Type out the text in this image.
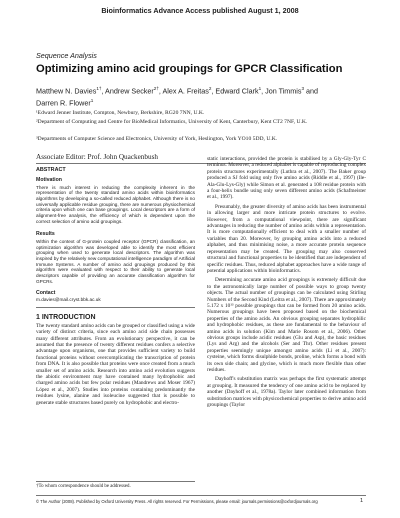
Bioinformatics Advance Access published August 1, 2008
Sequence Analysis
Optimizing amino acid groupings for GPCR Classification
Matthew N. Davies$^{1\dagger}$, Andrew Secker$^{2\dagger}$, Alex A. Freitas$^2$, Edward Clark$^1$, Jon Timmis$^3$ and
Darren R. Flower$^1$
¹Edward Jenner Institute, Compton, Newbury, Berkshire, RG20 7NN, U.K.
²Department of Computing and Centre for BioMedical Informatics, University of Kent, Canterbury, Kent CT2 7NF, U.K.
³Departments of Computer Science and Electronics, University of York, Heslington, York YO10 5DD, U.K.
Associate Editor: Prof. John Quackenbush
ABSTRACT
Motivation
There is much interest in reducing the complexity inherent in the representation of the twenty standard amino acids within bioinformatics algorithms by developing a so-called reduced alphabet. Although there is no universally applicable residue grouping, there are numerous physiochemical criteria upon which one can base groupings. Local descriptors are a form of alignment-free analysis, the efficiency of which is dependent upon the correct selection of amino acid groupings.
Results
Within the context of G-protein coupled receptor (GPCR) classification, an optimization algorithm was developed able to identify the most efficient grouping when used to generate local descriptors. The algorithm was inspired by the relatively new computational intelligence paradigm of Artificial Immune Systems. A number of amino acid groupings produced by this algorithm were evaluated with respect to their ability to generate local descriptors capable of providing an accurate classification algorithm for GPCRs.
Contact
m.davies@mail.cryst.bbk.ac.uk
1 INTRODUCTION

The twenty standard amino acids can be grouped or classified using a wide variety of distinct criteria, since each amino acid side chain possesses many different attributes. From an evolutionary perspective, it can be assumed that the presence of twenty different residues confers a selective advantage upon organisms, one that provides sufficient variety to build functional proteins without overcomplicating the transcription of protein from DNA. It is also possible that proteins were once created from a much smaller set of amino acids. Research into amino acid evolution suggests the abiotic environment may have contained many hydrophobic and charged amino acids but few polar residues (Mandrews and Moser 1967) López et al., 2007). Studies into proteins containing predominantly the residues lysine, alanine and isoleucine suggested that is possible to generate stable structures based purely on hydrophobic and electro-

static interactions, provided the protein is stabilised by a Gly-Gly-Tyr C terminus. Moreover, a reduced alphabet is capable of reproducing complex protein structures experimentally (Luthra et al., 2007). The Baker group produced a SJ fold using only five amino acids (Riddle et al., 1997) (Ile-Ala-Glu-Lys-Gly) while Simon et al. generated a 108 residue protein with a four-helix bundle using only seven different amino acids (Schafmeister et al., 1997).

Presumably, the greater diversity of amino acids has been instrumental in allowing larger and more intricate protein structures to evolve. However, from a computational viewpoint, there are significant advantages in reducing the number of amino acids within a representation. It is more computationally efficient to deal with a smaller number of variables than 20. Moreover, by grouping amino acids into a reduced alphabet, and thus minimising noise, a more accurate protein sequence representation may be created. The grouping may also conserved structural and functional properties to be identified that are independent of specific residues. Thus, reduced alphabet approaches have a wide range of potential applications within bioinformatics.

Determining accurate amino acid groupings is extremely difficult due to the astronomically large number of possible ways to group twenty objects. The actual number of groupings can be calculated using Stirling Numbers of the Second Kind (Leitra et al., 2007). There are approximately 5.172 x 10¹³ possible groupings that can be formed from 20 amino acids. Numerous groupings have been proposed based on the biochemical properties of the amino acids. An obvious grouping separates hydrophilic and hydrophobic residues, as these are fundamental to the behaviour of amino acids in solution (Kim and Marie Rosom et al., 2006). Other obvious groups include acidic residues (Glu and Asp), the basic residues (Lys and Arg) and the alcohols (Ser and Thr). Other residues present properties seemingly unique amongst amino acids (Li et al., 2007): cysteine, which forms disulphide bonds, proline, which forms a bond with its own side chain; and glycine, which is much more flexible than other residues.

Dayhoff's substitution matrix was perhaps the first systematic attempt at grouping. It measured the tendency of one amino acid to be replaced by another (Dayhoff et al., 1978a). Taylor later combined information from substitution matrices with physicochemical properties to derive amino acid groupings (Taylor

†To whom correspondence should be addressed.
© The Author (2008). Published by Oxford University Press. All rights reserved. For Permissions, please email: journals.permissions@oxfordjournals.org	1
